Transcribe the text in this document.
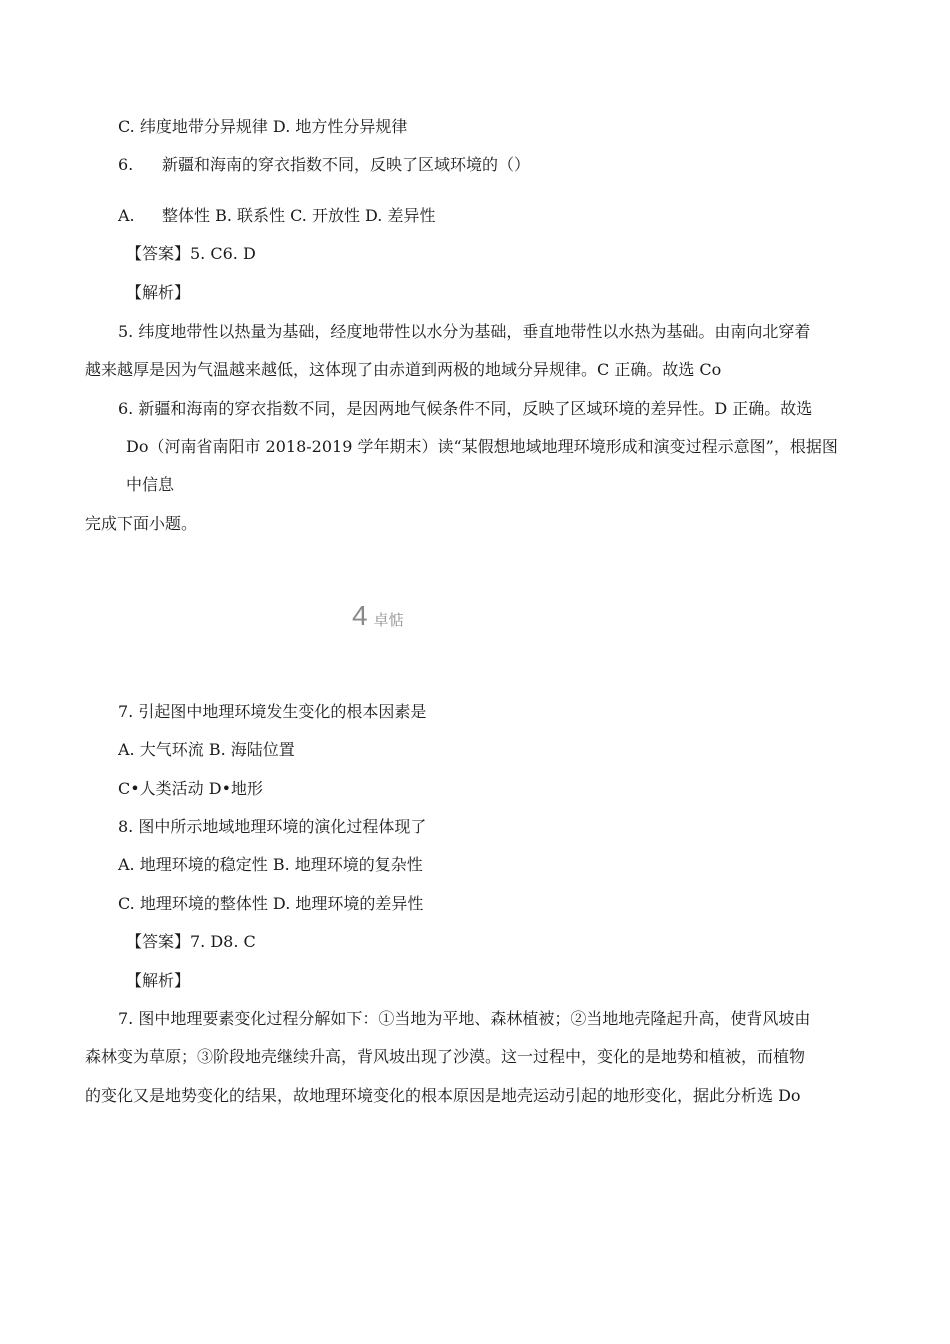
C. 纬度地带分异规律 D. 地方性分异规律
6. 新疆和海南的穿衣指数不同，反映了区域环境的（）
A. 整体性 B. 联系性 C. 开放性 D. 差异性
【答案】5. C6. D
【解析】
5. 纬度地带性以热量为基础，经度地带性以水分为基础，垂直地带性以水热为基础。由南向北穿着
越来越厚是因为气温越来越低，这体现了由赤道到两极的地域分异规律。C 正确。故选 Co
6. 新疆和海南的穿衣指数不同，是因两地气候条件不同，反映了区域环境的差异性。D 正确。故选
Do（河南省南阳市 2018-2019 学年期末）读“某假想地域地理环境形成和演变过程示意图”，根据图
中信息
完成下面小题。
4 卓惦
7. 引起图中地理环境发生变化的根本因素是
A. 大气环流 B. 海陆位置
C•人类活动 D•地形
8. 图中所示地域地理环境的演化过程体现了
A. 地理环境的稳定性 B. 地理环境的复杂性
C. 地理环境的整体性 D. 地理环境的差异性
【答案】7. D8. C
【解析】
7. 图中地理要素变化过程分解如下：①当地为平地、森林植被；②当地地壳隆起升高，使背风坡由
森林变为草原；③阶段地壳继续升高，背风坡出现了沙漠。这一过程中，变化的是地势和植被，而植物
的变化又是地势变化的结果，故地理环境变化的根本原因是地壳运动引起的地形变化，据此分析选 Do
